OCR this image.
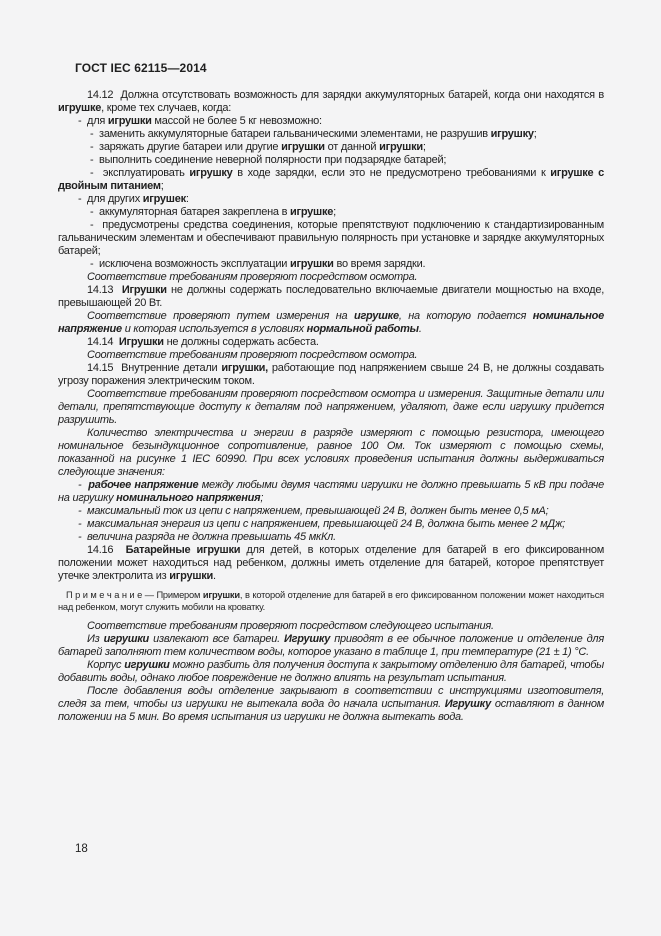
ГОСТ IEC 62115—2014

14.12  Должна отсутствовать возможность для зарядки аккумуляторных батарей, когда они находятся в игрушке, кроме тех случаев, когда:

-  для игрушки массой не более 5 кг невозможно:

-  заменить аккумуляторные батареи гальваническими элементами, не разрушив игрушку;

-  заряжать другие батареи или другие игрушки от данной игрушки;

-  выполнить соединение неверной полярности при подзарядке батарей;

-  эксплуатировать игрушку в ходе зарядки, если это не предусмотрено требованиями к игрушке с двойным питанием;

-  для других игрушек:

-  аккумуляторная батарея закреплена в игрушке;

-  предусмотрены средства соединения, которые препятствуют подключению к стандартизированным гальваническим элементам и обеспечивают правильную полярность при установке и зарядке аккумуляторных батарей;

-  исключена возможность эксплуатации игрушки во время зарядки.

Соответствие требованиям проверяют посредством осмотра.

14.13  Игрушки не должны содержать последовательно включаемые двигатели мощностью на входе, превышающей 20 Вт.

Соответствие проверяют путем измерения на игрушке, на которую подается номинальное напряжение и которая используется в условиях нормальной работы.

14.14  Игрушки не должны содержать асбеста.

Соответствие требованиям проверяют посредством осмотра.

14.15  Внутренние детали игрушки, работающие под напряжением свыше 24 В, не должны создавать угрозу поражения электрическим током.

Соответствие требованиям проверяют посредством осмотра и измерения. Защитные детали или детали, препятствующие доступу к деталям под напряжением, удаляют, даже если игрушку придется разрушить.

Количество электричества и энергии в разряде измеряют с помощью резистора, имеющего номинальное безындукционное сопротивление, равное 100 Ом. Ток измеряют с помощью схемы, показанной на рисунке 1 IEC 60990. При всех условиях проведения испытания должны выдерживаться следующие значения:

-  рабочее напряжение между любыми двумя частями игрушки не должно превышать 5 кВ при подаче на игрушку номинального напряжения;

-  максимальный ток из цепи с напряжением, превышающей 24 В, должен быть менее 0,5 мА;

-  максимальная энергия из цепи с напряжением, превышающей 24 В, должна быть менее 2 мДж;

-  величина разряда не должна превышать 45 мкКл.

14.16  Батарейные игрушки для детей, в которых отделение для батарей в его фиксированном положении может находиться над ребенком, должны иметь отделение для батарей, которое препятствует утечке электролита из игрушки.

П р и м е ч а н и е — Примером игрушки, в которой отделение для батарей в его фиксированном положении может находиться над ребенком, могут служить мобили на кроватку.

Соответствие требованиям проверяют посредством следующего испытания.

Из игрушки извлекают все батареи. Игрушку приводят в ее обычное положение и отделение для батарей заполняют тем количеством воды, которое указано в таблице 1, при температуре (21 ± 1) °С.

Корпус игрушки можно разбить для получения доступа к закрытому отделению для батарей, чтобы добавить воды, однако любое повреждение не должно влиять на результат испытания.

После добавления воды отделение закрывают в соответствии с инструкциями изготовителя, следя за тем, чтобы из игрушки не вытекала вода до начала испытания. Игрушку оставляют в данном положении на 5 мин. Во время испытания из игрушки не должна вытекать вода.

18
